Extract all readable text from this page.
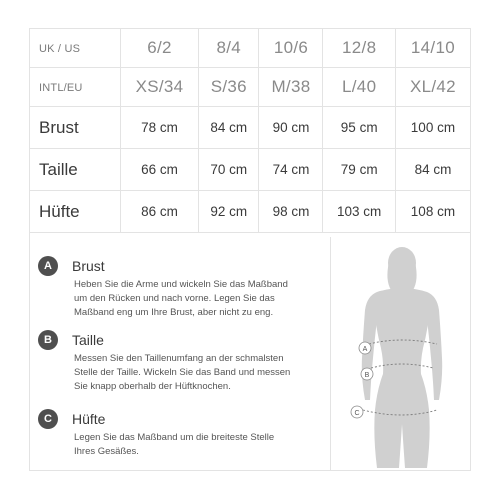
UK / US	6/2	8/4	10/6	12/8	14/10
INTL/EU	XS/34	S/36	M/38	L/40	XL/42
Brust	78 cm	84 cm	90 cm	95 cm	100 cm
Taille	66 cm	70 cm	74 cm	79 cm	84 cm
Hüfte	86 cm	92 cm	98 cm	103 cm	108 cm
A	Brust
Heben Sie die Arme und wickeln Sie das Maßband
um den Rücken und nach vorne. Legen Sie das
Maßband eng um Ihre Brust, aber nicht zu eng.
B	Taille
Messen Sie den Taillenumfang an der schmalsten
Stelle der Taille. Wickeln Sie das Band und messen
Sie knapp oberhalb der Hüftknochen.
C	Hüfte
Legen Sie das Maßband um die breiteste Stelle
Ihres Gesäßes.
A
B
C
